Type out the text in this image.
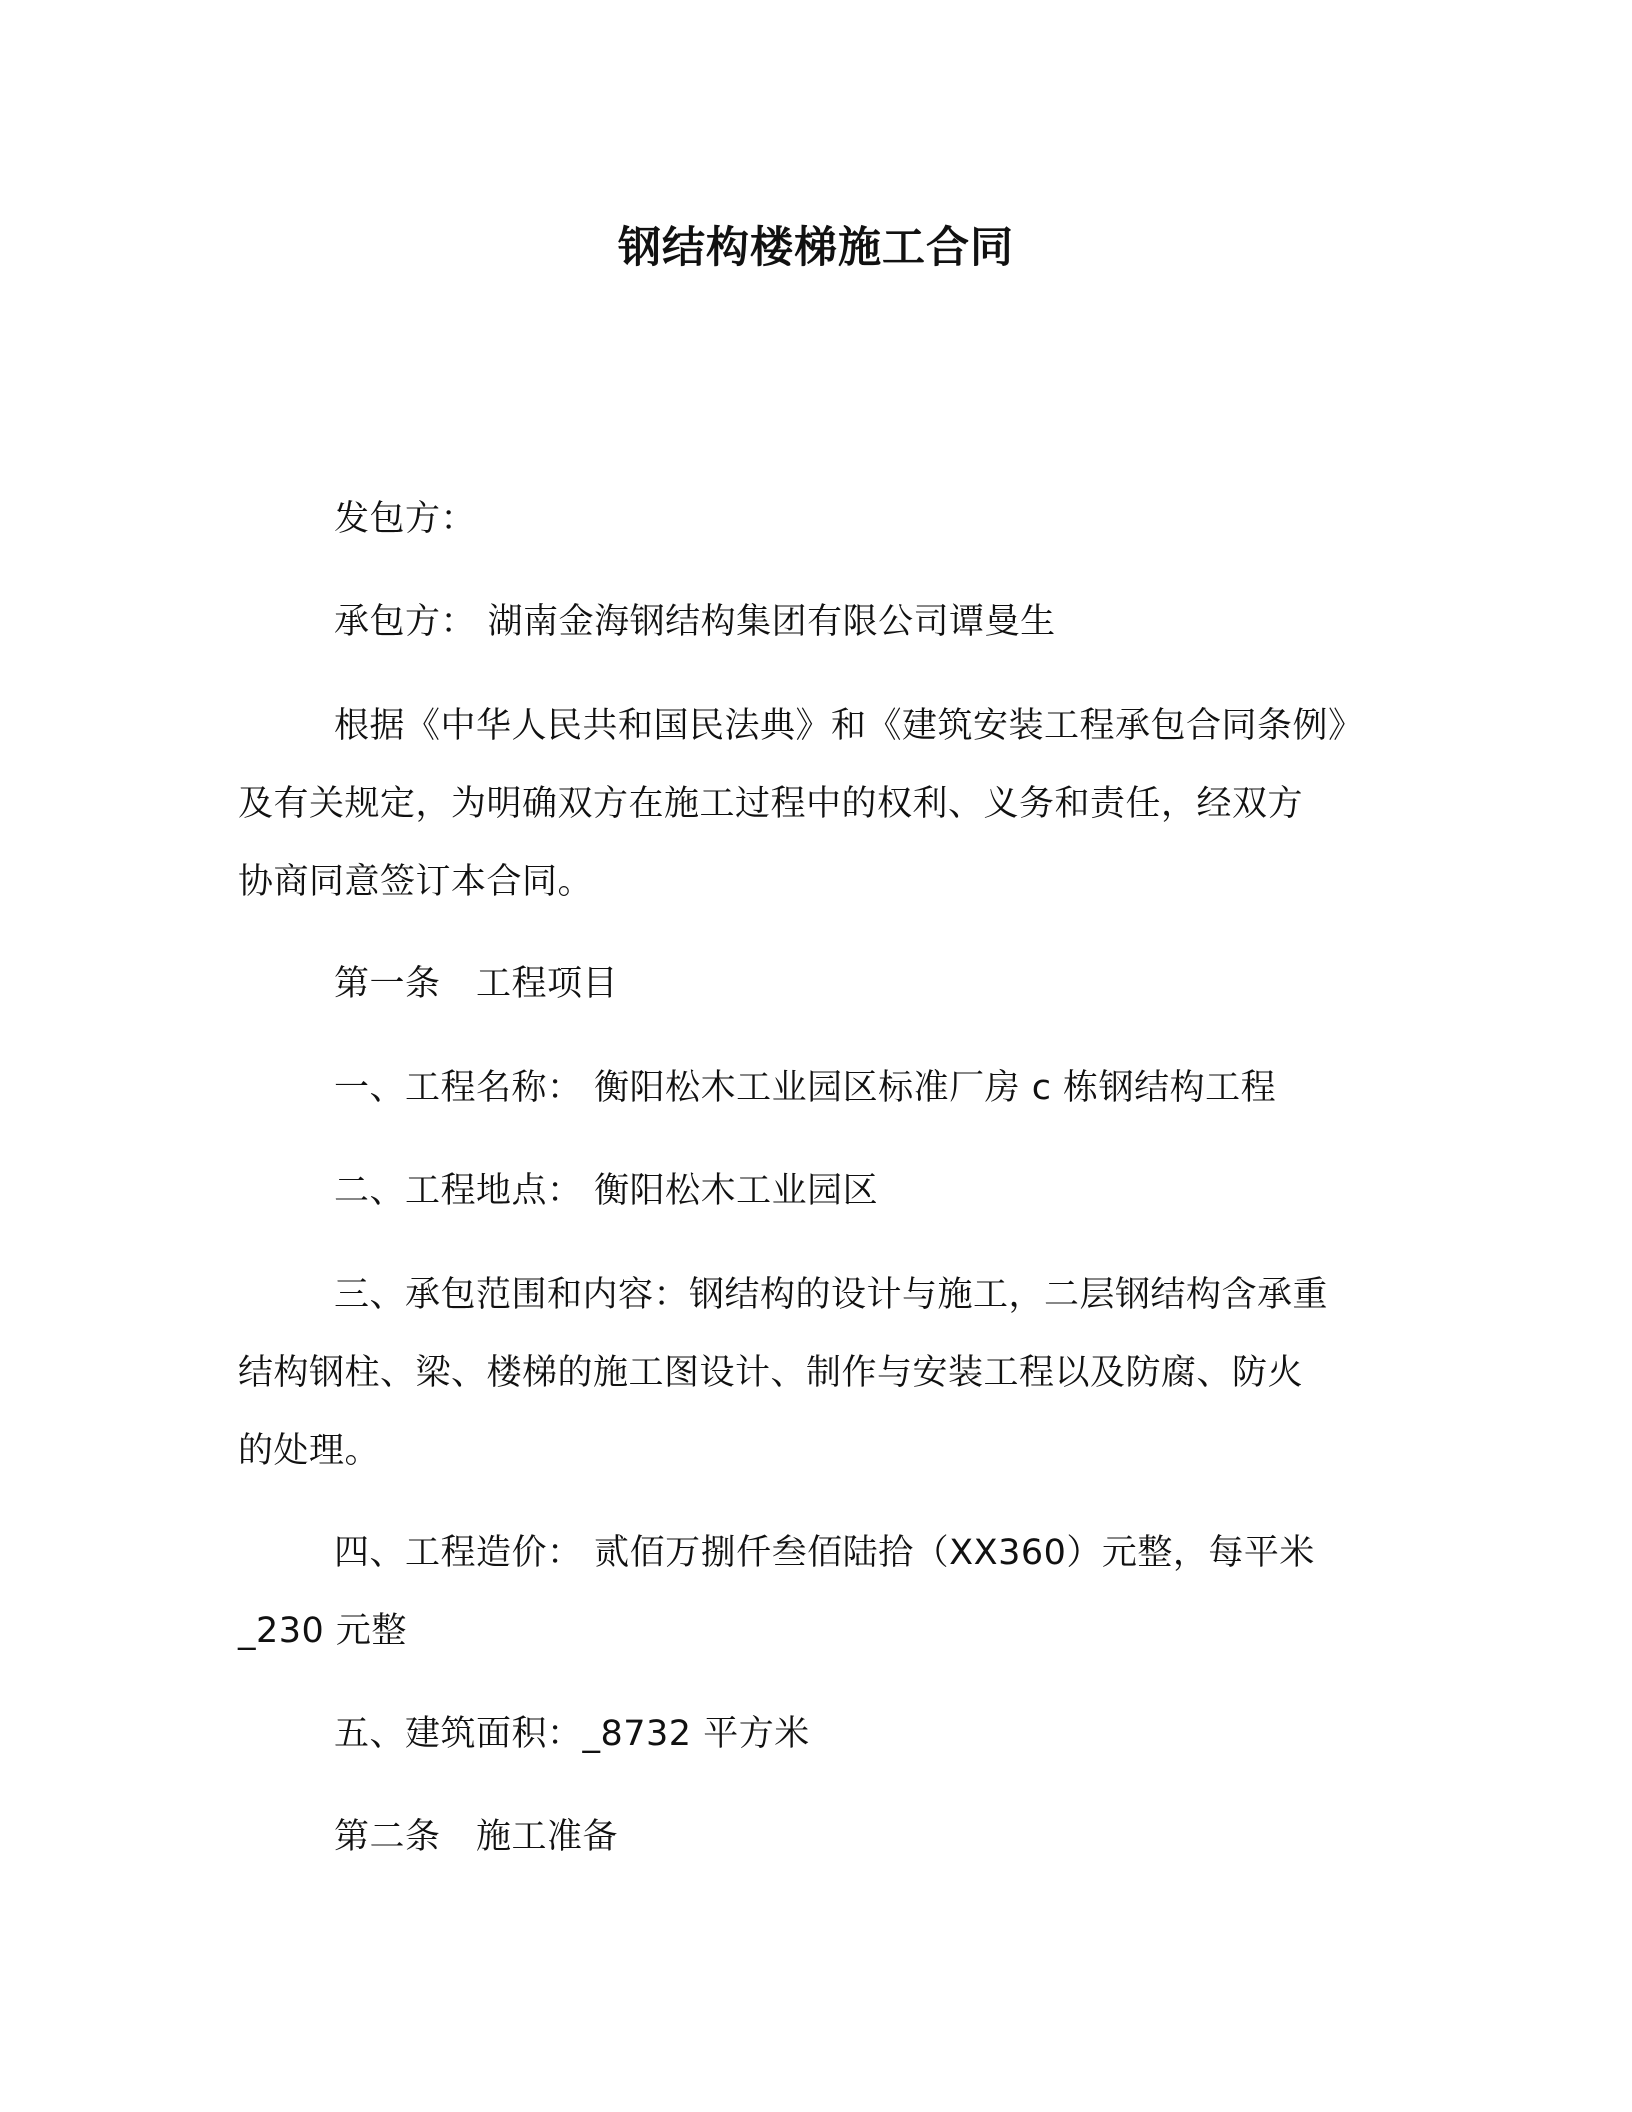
钢结构楼梯施工合同

发包方：

承包方： 湖南金海钢结构集团有限公司谭曼生

根据《中华人民共和国民法典》和《建筑安装工程承包合同条例》
及有关规定，为明确双方在施工过程中的权利、义务和责任，经双方
协商同意签订本合同。

第一条　工程项目

一、工程名称： 衡阳松木工业园区标准厂房 c 栋钢结构工程

二、工程地点： 衡阳松木工业园区

三、承包范围和内容：钢结构的设计与施工，二层钢结构含承重
结构钢柱、梁、楼梯的施工图设计、制作与安装工程以及防腐、防火
的处理。
四、工程造价： 贰佰万捌仟叁佰陆拾（XX360）元整，每平米
_230 元整

五、建筑面积：_8732 平方米

第二条　施工准备
